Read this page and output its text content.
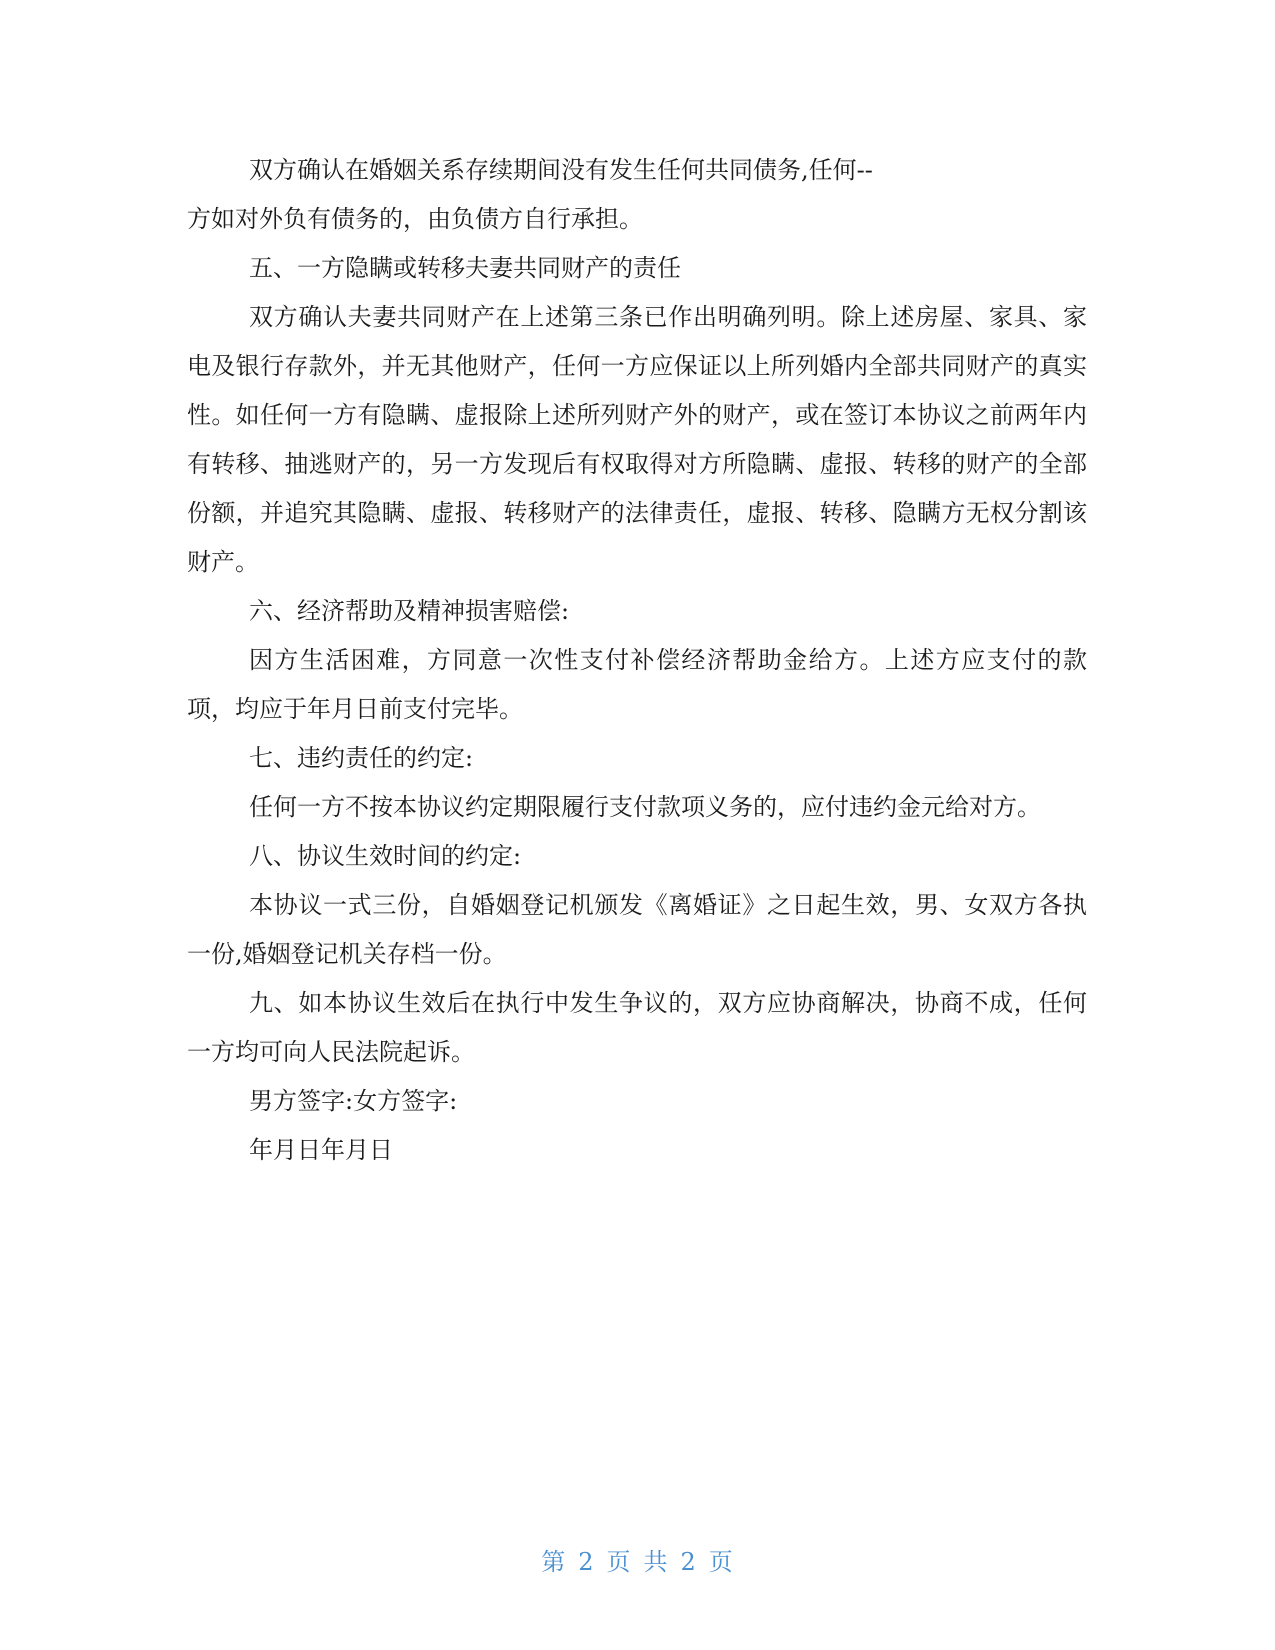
双方确认在婚姻关系存续期间没有发生任何共同债务,任何--

方如对外负有债务的，由负债方自行承担。

五、一方隐瞒或转移夫妻共同财产的责任

双方确认夫妻共同财产在上述第三条已作出明确列明。除上述房屋、家具、家电及银行存款外，并无其他财产，任何一方应保证以上所列婚内全部共同财产的真实性。如任何一方有隐瞒、虚报除上述所列财产外的财产，或在签订本协议之前两年内有转移、抽逃财产的，另一方发现后有权取得对方所隐瞒、虚报、转移的财产的全部份额，并追究其隐瞒、虚报、转移财产的法律责任，虚报、转移、隐瞒方无权分割该财产。

六、经济帮助及精神损害赔偿:

因方生活困难，方同意一次性支付补偿经济帮助金给方。上述方应支付的款项，均应于年月日前支付完毕。

七、违约责任的约定:

任何一方不按本协议约定期限履行支付款项义务的，应付违约金元给对方。

八、协议生效时间的约定:

本协议一式三份，自婚姻登记机颁发《离婚证》之日起生效，男、女双方各执一份,婚姻登记机关存档一份。

九、如本协议生效后在执行中发生争议的，双方应协商解决，协商不成，任何一方均可向人民法院起诉。

男方签字:女方签字:

年月日年月日

第 2 页 共 2 页
